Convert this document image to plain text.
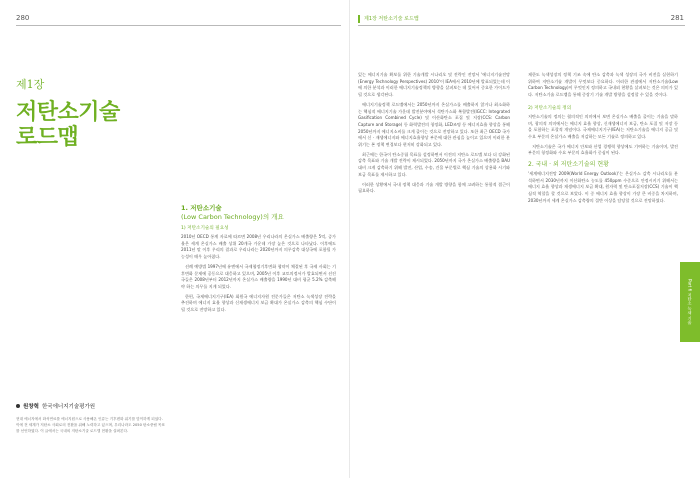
280
제1장
저탄소기술
로드맵
원창혁 한국에너지기술평가원
현대 에너지에서 화석연료를 에너지원으로 사용해온 인류는 기후변화 위기를 맞이하게 되었다. 이에 전 세계가 저탄소 사회로의 전환을 위해 노력하고 있으며, 우리나라도 2050 탄소중립 목표를 선언하였다. 이 글에서는 국내외 저탄소기술 로드맵 현황을 살펴본다.
1. 저탄소기술
(Low Carbon Technology)의 개요
1) 저탄소기술의 필요성

2010년 OECD 통계 자료에 따르면 2008년 우리나라의 온실가스 배출량은 5억, 증가율은 세계 온실가스 배출 상위 20개국 가운데 가장 높은 것으로 나타났다. 이후에도 2011년 말 이후 우리의 결과로 우리나라는 2020년까지 의무감축 대상국에 포함될 가능성이 매우 높아졌다.

선례 예방법 1997년에 유엔에서 국제협정기후변화 협약이 체결된 후 국제 사회는 기후변화 문제에 공동으로 대응하고 있으며, 2005년 이후 교토의정서가 발효되면서 선진국들은 2008년부터 2012년까지 온실가스 배출량을 1990년 대비 평균 5.2% 감축해야 하는 의무를 지게 되었다.

한편, 국제에너지기구(IEA) 회원국 에너지자원 전문가들은 저탄소 녹색성장 전략을 추진하며 에너지 효율 향상과 신재생에너지 보급 확대가 온실가스 감축의 핵심 수단이 될 것으로 전망하고 있다.

281
제1장 저탄소기술 로드맵

있는 에너지기술 확보를 위한 기술개발 시나리오 및 전략인 전망서 '에너지기술전망(Energy Technology Perspectives) 2010'이 IEA에서 2010년에 발표되었는데 이에 의한 분석과 이러한 에너지기술정책의 방향을 살펴보는 데 있어서 중요한 가이드가 될 것으로 생각된다.

에너지기술정책 로드맵에서는 2050년까지 온실가스를 배출하지 않거나 최소화하는 핵심적 에너지기술 가운데 발전분야에서 석탄가스화 복합발전(IGCC: Integrated Gasification Combined Cycle) 및 이산화탄소 포집 및 저장(CCS: Carbon Capture and Storage) 등 화력발전의 청정화, LED조명 등 에너지효율 향상을 통해 2050년까지 에너지소비를 크게 줄이는 것으로 전망하고 있다. 또한 최근 OECD 국가에서 신 · 재생에너지와 에너지효율향상 부문에 대한 관심을 높이고 있으며 이러한 분위기는 본 정책 변경보다 현저히 강화되고 있다.

최근에는 한국이 탄소중립 목표를 설정하면서 이전의 저탄소 로드맵 보다 더 강화된 감축 목표와 기술 개발 전략이 제시되었다. 2050년까지 국가 온실가스 배출량을 BAU 대비 크게 감축하기 위해 발전, 산업, 수송, 건물 부문별로 핵심 기술의 상용화 시기와 보급 목표를 제시하고 있다.

이러한 상황에서 국내 정책 대응과 기술 개발 방향을 함께 고려하는 통합적 접근이 필요하다.

제한도 녹색성장의 정책 기조 속에 탄소 감축과 녹색 성장의 국가 비전을 실현하기 위하여 저탄소기술 개발이 무엇보다 중요하다. 이러한 관점에서 저탄소기술(Low Carbon Technology)이 무엇인지 정의하고 국내외 현황을 살펴보는 것은 의미가 있다. 저탄소기술 로드맵을 통해 중장기 기술 개발 방향을 설정할 수 있을 것이다.

2) 저탄소기술의 정의

저탄소기술의 정의는 협의적인 의미에서 보면 온실가스 배출을 줄이는 기술을 말하며, 광의적 의미에서는 에너지 효율 향상, 신재생에너지 보급, 탄소 포집 및 저장 등을 포함하는 포괄적 개념이다. 국제에너지기구(IEA)는 저탄소기술을 에너지 공급 및 수요 부문의 온실가스 배출을 저감하는 모든 기술로 정의하고 있다.

저탄소기술은 국가 에너지 안보와 산업 경쟁력 향상에도 기여하는 기술이며, 발전 부문의 청정화와 수요 부문의 효율화가 중심이 된다.

2. 국내 · 외 저탄소기술의 현황

'세계에너지전망 2009(World Energy Outlook)'는 온실가스 감축 시나리오를 분석하면서 2030년까지 이산화탄소 농도를 450ppm 수준으로 안정시키기 위해서는 에너지 효율 향상과 재생에너지 보급 확대, 원자력 및 탄소포집저장(CCS) 기술이 핵심적 역할을 할 것으로 보았다. 이 중 에너지 효율 향상이 가장 큰 비중을 차지하며, 2030년까지 세계 온실가스 감축량의 절반 이상을 담당할 것으로 전망하였다.

Part 6 저탄소 녹색 기술
